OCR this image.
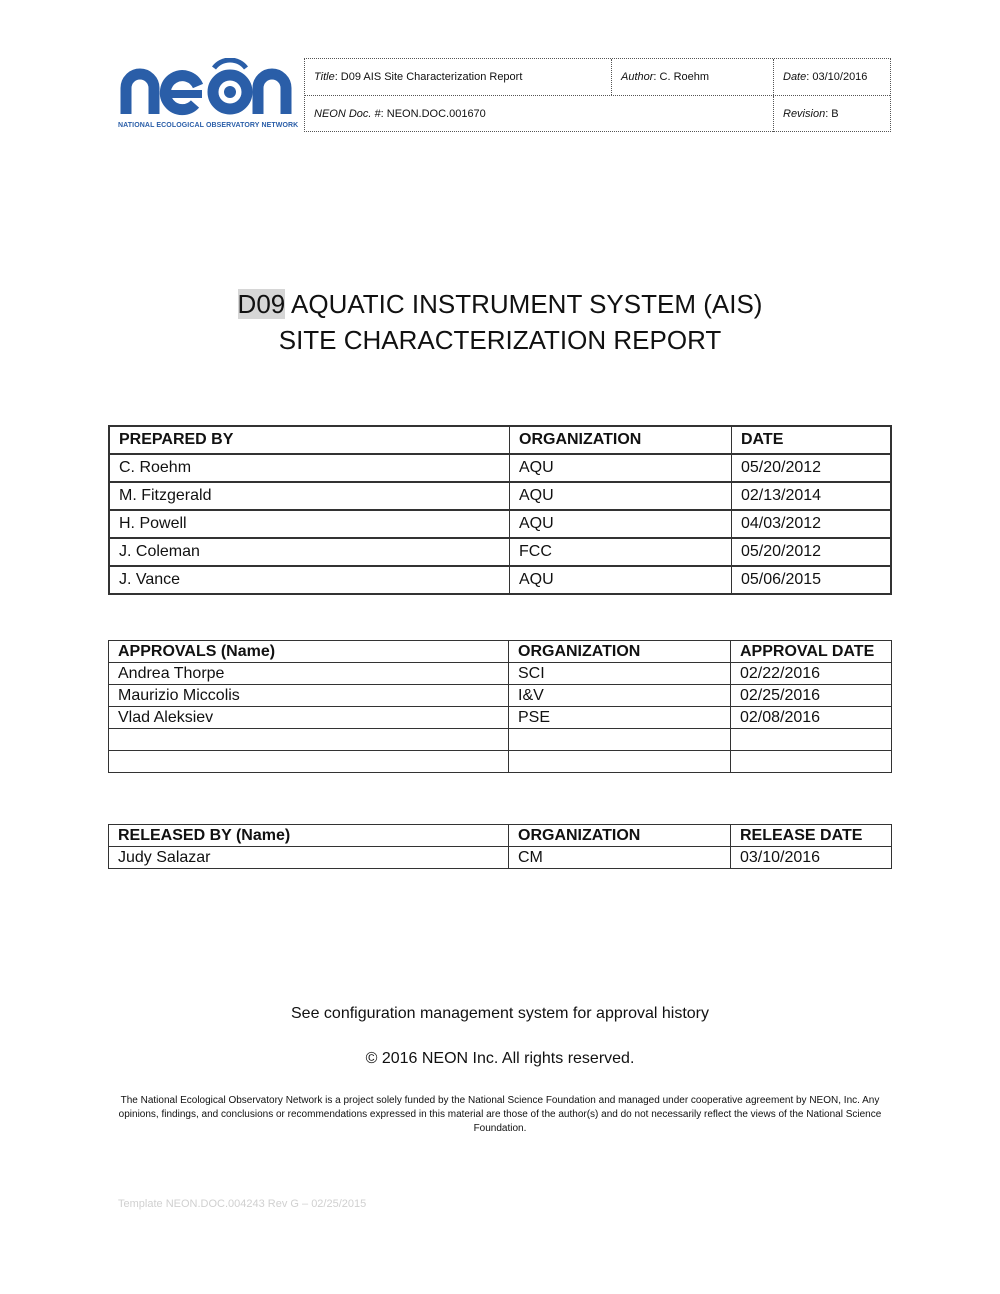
NATIONAL ECOLOGICAL OBSERVATORY NETWORK
Title : D09 AIS Site Characterization Report	Author : C. Roehm	Date : 03/10/2016
NEON Doc. # : NEON.DOC.001670	Revision : B
D09 AQUATIC INSTRUMENT SYSTEM (AIS)
SITE CHARACTERIZATION REPORT
PREPARED BY	ORGANIZATION	DATE
C. Roehm	AQU	05/20/2012
M. Fitzgerald	AQU	02/13/2014
H. Powell	AQU	04/03/2012
J. Coleman	FCC	05/20/2012
J. Vance	AQU	05/06/2015
APPROVALS (Name)	ORGANIZATION	APPROVAL DATE
Andrea Thorpe	SCI	02/22/2016
Maurizio Miccolis	I&V	02/25/2016
Vlad Aleksiev	PSE	02/08/2016

RELEASED BY (Name)	ORGANIZATION	RELEASE DATE
Judy Salazar	CM	03/10/2016
See configuration management system for approval history
© 2016 NEON Inc. All rights reserved.
The National Ecological Observatory Network is a project solely funded by the National Science Foundation and managed under cooperative agreement by NEON, Inc. Any opinions, findings, and conclusions or recommendations expressed in this material are those of the author(s) and do not necessarily reflect the views of the National Science Foundation.
Template NEON.DOC.004243 Rev G – 02/25/2015
